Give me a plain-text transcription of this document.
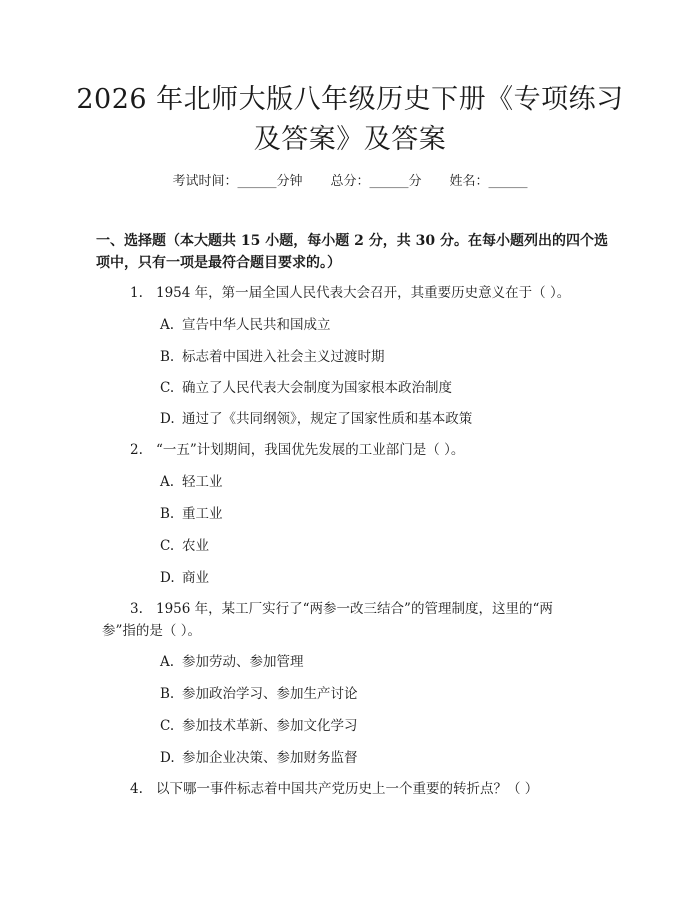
2026 年北师大版八年级历史下册《专项练习
及答案》及答案
考试时间：______分钟 总分：______分 姓名：______

一、选择题（本大题共 15 小题，每小题 2 分，共 30 分。在每小题列出的四个选
项中，只有一项是最符合题目要求的。）

1. 1954 年，第一届全国人民代表大会召开，其重要历史意义在于（ ）。

A. 宣告中华人民共和国成立

B. 标志着中国进入社会主义过渡时期

C. 确立了人民代表大会制度为国家根本政治制度

D. 通过了《共同纲领》，规定了国家性质和基本政策

2. “一五”计划期间，我国优先发展的工业部门是（ ）。

A. 轻工业

B. 重工业

C. 农业

D. 商业

3. 1956 年，某工厂实行了“两参一改三结合”的管理制度，这里的“两

参”指的是（ ）。

A. 参加劳动、参加管理

B. 参加政治学习、参加生产讨论

C. 参加技术革新、参加文化学习

D. 参加企业决策、参加财务监督

4. 以下哪一事件标志着中国共产党历史上一个重要的转折点？（ ）
